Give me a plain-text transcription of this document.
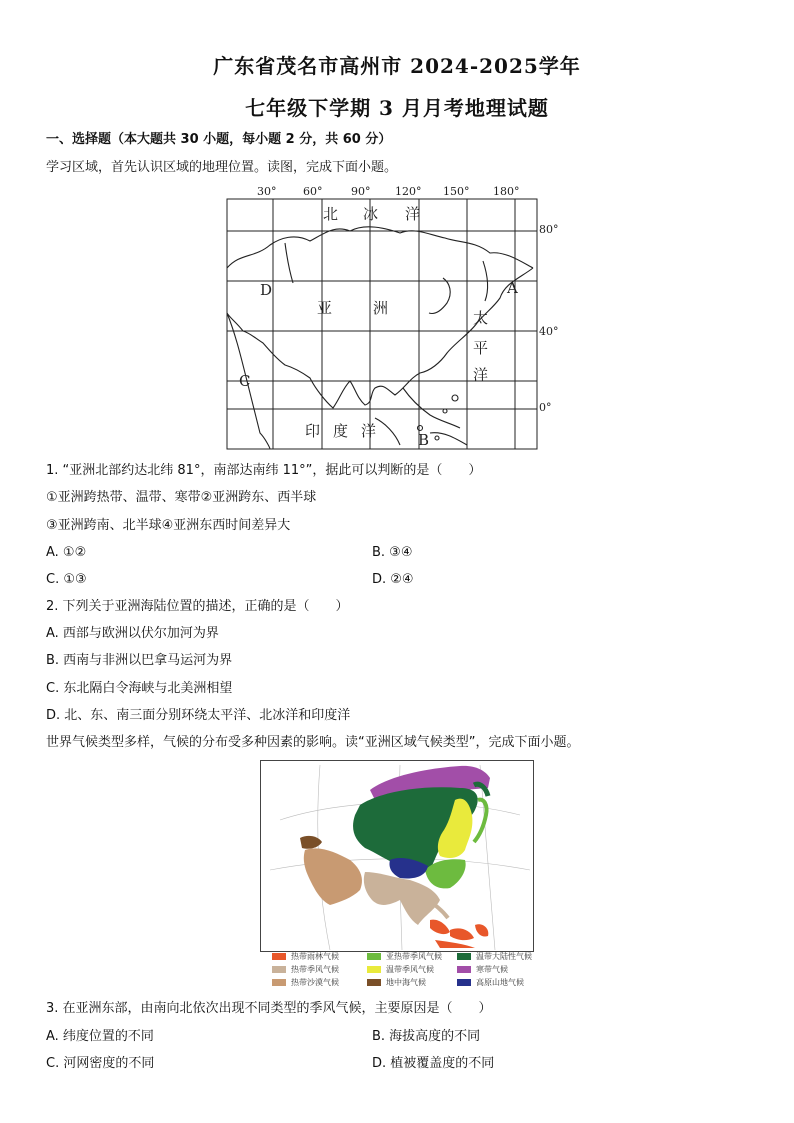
广东省茂名市高州市 2024-2025学年
七年级下学期 3 月月考地理试题
一、选择题（本大题共 30 小题，每小题 2 分，共 60 分）
学习区域，首先认识区域的地理位置。读图，完成下面小题。
30° 60°	90° 120° 150° 180°
80°
40°
0°
北 冰 洋
亚	洲
太
平
洋
印 度 洋
A
B
C
D
1. “亚洲北部约达北纬 81°，南部达南纬 11°”，据此可以判断的是（　　）
①亚洲跨热带、温带、寒带②亚洲跨东、西半球
③亚洲跨南、北半球④亚洲东西时间差异大
A. ①②	B. ③④
C. ①③	D. ②④
2. 下列关于亚洲海陆位置的描述，正确的是（　　）
A. 西部与欧洲以伏尔加河为界
B. 西南与非洲以巴拿马运河为界
C. 东北隔白令海峡与北美洲相望
D. 北、东、南三面分别环绕太平洋、北冰洋和印度洋
世界气候类型多样，气候的分布受多种因素的影响。读“亚洲区域气候类型”，完成下面小题。
热带雨林气候	亚热带季风气候	温带大陆性气候
热带季风气候	温带季风气候	寒带气候
热带沙漠气候	地中海气候	高原山地气候
3. 在亚洲东部，由南向北依次出现不同类型的季风气候，主要原因是（　　）
A. 纬度位置的不同	B. 海拔高度的不同
C. 河网密度的不同	D. 植被覆盖度的不同
